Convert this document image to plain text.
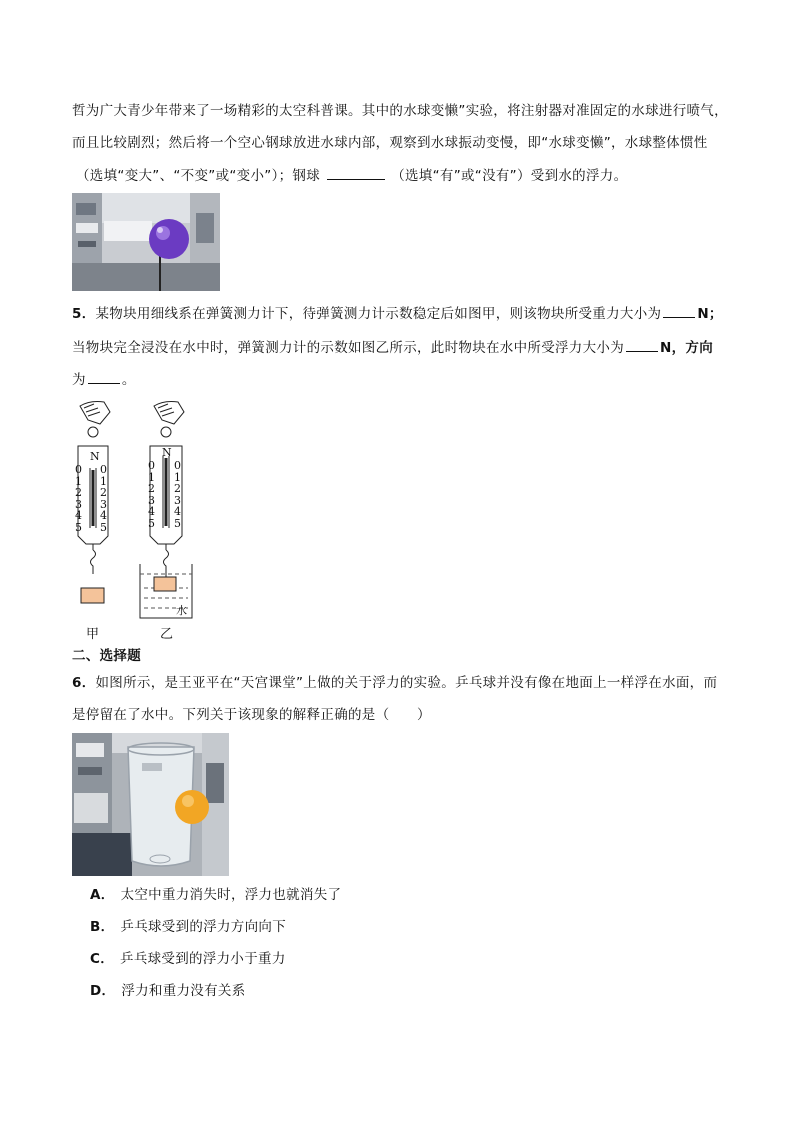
哲为广大青少年带来了一场精彩的太空科普课。其中的水球变懒”实验，将注射器对准固定的水球进行喷气，
而且比较剧烈；然后将一个空心钢球放进水球内部，观察到水球振动变慢，即“水球变懒”，水球整体惯性
（选填“变大”、“不变”或“变小”）；钢球	（选填“有”或“没有”）受到水的浮力。
5．某物块用细线系在弹簧测力计下，待弹簧测力计示数稳定后如图甲，则该物块所受重力大小为	N；
当物块完全浸没在水中时，弹簧测力计的示数如图乙所示，此时物块在水中所受浮力大小为	N，方向
为	。
N
0
1
2
3
4
5
0
1
2
3
4
5
N
0
1
2
3
4
5
0
1
2
3
4
5
水
甲	乙
二、选择题
6．如图所示，是王亚平在“天宫课堂”上做的关于浮力的实验。乒乓球并没有像在地面上一样浮在水面，而
是停留在了水中。下列关于该现象的解释正确的是（　　）
A． 太空中重力消失时，浮力也就消失了
B． 乒乓球受到的浮力方向向下
C． 乒乓球受到的浮力小于重力
D． 浮力和重力没有关系
